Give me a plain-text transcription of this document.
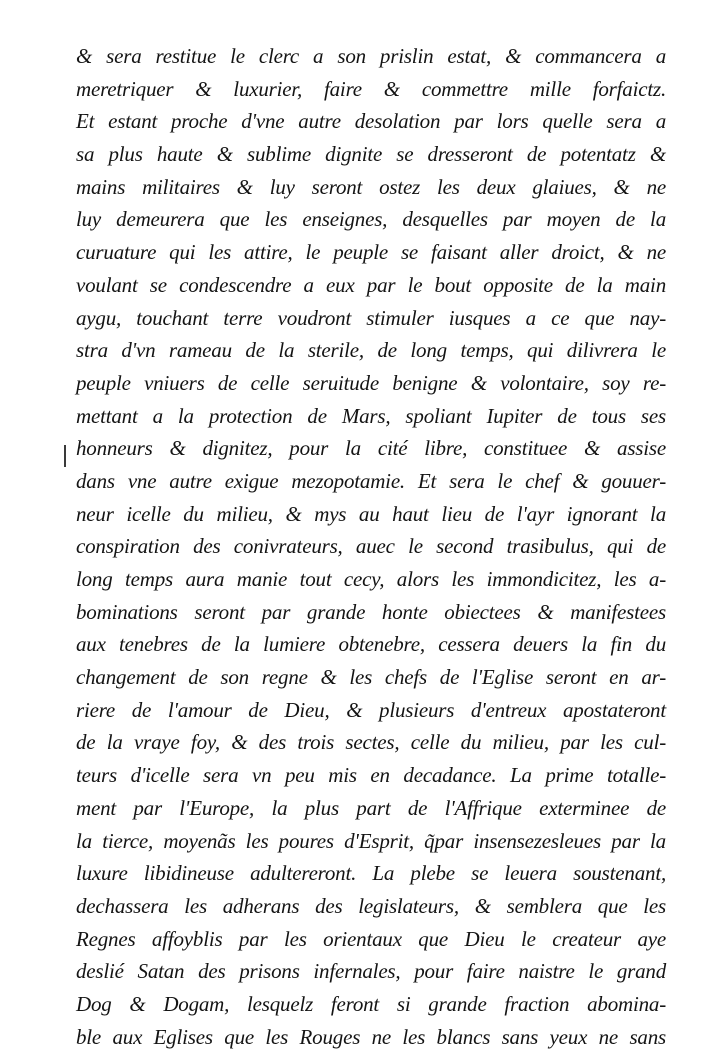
& sera restitue le clerc a son prislin estat, & commancera a
meretriquer & luxurier, faire & commettre mille forfaictz.
Et estant proche d'vne autre desolation par lors quelle sera a
sa plus haute & sublime dignite se dresseront de potentatz &
mains militaires & luy seront ostez les deux glaiues, & ne
luy demeurera que les enseignes, desquelles par moyen de la
curuature qui les attire, le peuple se faisant aller droict, & ne
voulant se condescendre a eux par le bout opposite de la main
aygu, touchant terre voudront stimuler iusques a ce que nay-
stra d'vn rameau de la sterile, de long temps, qui dilivrera le
peuple vniuers de celle seruitude benigne & volontaire, soy re-
mettant a la protection de Mars, spoliant Iupiter de tous ses
honneurs & dignitez, pour la cité libre, constituee & assise
dans vne autre exigue mezopotamie. Et sera le chef & gouuer-
neur icelle du milieu, & mys au haut lieu de l'ayr ignorant la
conspiration des conivrateurs, auec le second trasibulus, qui de
long temps aura manie tout cecy, alors les immondicitez, les a-
bominations seront par grande honte obiectees & manifestees
aux tenebres de la lumiere obtenebre, cessera deuers la fin du
changement de son regne & les chefs de l'Eglise seront en ar-
riere de l'amour de Dieu, & plusieurs d'entreux apostateront
de la vraye foy, & des trois sectes, celle du milieu, par les cul-
teurs d'icelle sera vn peu mis en decadance. La prime totalle-
ment par l'Europe, la plus part de l'Affrique exterminee de
la tierce, moyenãs les poures d'Esprit, q̃par insensezesleues par la
luxure libidineuse adultereront. La plebe se leuera soustenant,
dechassera les adherans des legislateurs, & semblera que les
Regnes affoyblis par les orientaux que Dieu le createur aye
deslié Satan des prisons infernales, pour faire naistre le grand
Dog & Dogam, lesquelz feront si grande fraction abomina-
ble aux Eglises que les Rouges ne les blancs sans yeux ne sans
